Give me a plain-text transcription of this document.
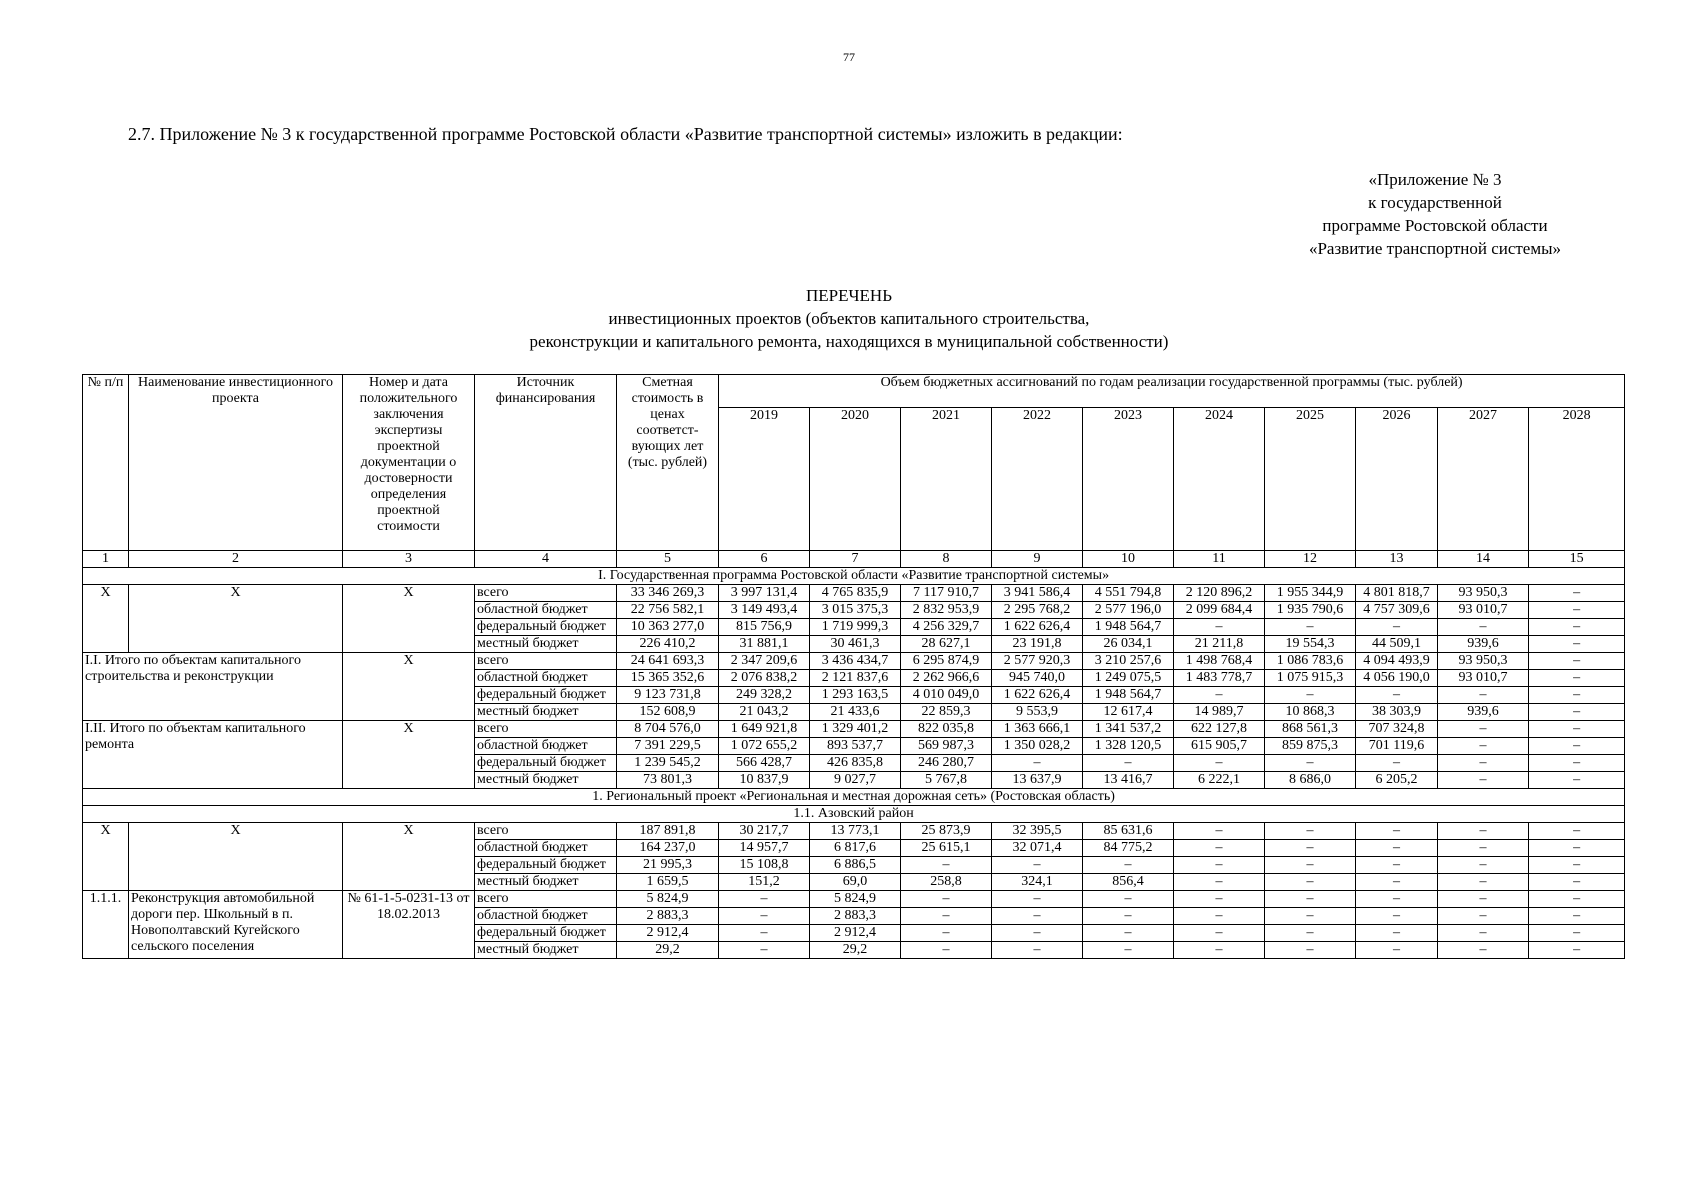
77
2.7. Приложение № 3 к государственной программе Ростовской области «Развитие транспортной системы» изложить в редакции:
«Приложение № 3
к государственной
программе Ростовской области
«Развитие транспортной системы»
ПЕРЕЧЕНЬ
инвестиционных проектов (объектов капитального строительства,
реконструкции и капитального ремонта, находящихся в муниципальной собственности)
№ п/п	Наименование инвестиционного проекта	Номер и дата положительного заключения экспертизы проектной документации о достоверности определения проектной стоимости	Источник финансирования	Сметная стоимость в ценах соответст-вующих лет (тыс. рублей)	Объем бюджетных ассигнований по годам реализации государственной программы (тыс. рублей)									
					2019	2020	2021	2022	2023	2024	2025	2026	2027	2028
1	2	3	4	5	6	7	8	9	10	11	12	13	14	15
I. Государственная программа Ростовской области «Развитие транспортной системы»														
Х	Х	Х	всего	33 346 269,3	3 997 131,4	4 765 835,9	7 117 910,7	3 941 586,4	4 551 794,8	2 120 896,2	1 955 344,9	4 801 818,7	93 950,3	–
			областной бюджет	22 756 582,1	3 149 493,4	3 015 375,3	2 832 953,9	2 295 768,2	2 577 196,0	2 099 684,4	1 935 790,6	4 757 309,6	93 010,7	–
			федеральный бюджет	10 363 277,0	815 756,9	1 719 999,3	4 256 329,7	1 622 626,4	1 948 564,7	–	–	–	–	–
			местный бюджет	226 410,2	31 881,1	30 461,3	28 627,1	23 191,8	26 034,1	21 211,8	19 554,3	44 509,1	939,6	–
I.I. Итого по объектам капитального строительства и реконструкции		Х	всего	24 641 693,3	2 347 209,6	3 436 434,7	6 295 874,9	2 577 920,3	3 210 257,6	1 498 768,4	1 086 783,6	4 094 493,9	93 950,3	–
			областной бюджет	15 365 352,6	2 076 838,2	2 121 837,6	2 262 966,6	945 740,0	1 249 075,5	1 483 778,7	1 075 915,3	4 056 190,0	93 010,7	–
			федеральный бюджет	9 123 731,8	249 328,2	1 293 163,5	4 010 049,0	1 622 626,4	1 948 564,7	–	–	–	–	–
			местный бюджет	152 608,9	21 043,2	21 433,6	22 859,3	9 553,9	12 617,4	14 989,7	10 868,3	38 303,9	939,6	–
I.II. Итого по объектам капитального ремонта		Х	всего	8 704 576,0	1 649 921,8	1 329 401,2	822 035,8	1 363 666,1	1 341 537,2	622 127,8	868 561,3	707 324,8	–	–
			областной бюджет	7 391 229,5	1 072 655,2	893 537,7	569 987,3	1 350 028,2	1 328 120,5	615 905,7	859 875,3	701 119,6	–	–
			федеральный бюджет	1 239 545,2	566 428,7	426 835,8	246 280,7	–	–	–	–	–	–	–
			местный бюджет	73 801,3	10 837,9	9 027,7	5 767,8	13 637,9	13 416,7	6 222,1	8 686,0	6 205,2	–	–
1. Региональный проект «Региональная и местная дорожная сеть» (Ростовская область)														
1.1. Азовский район														
Х	Х	Х	всего	187 891,8	30 217,7	13 773,1	25 873,9	32 395,5	85 631,6	–	–	–	–	–
			областной бюджет	164 237,0	14 957,7	6 817,6	25 615,1	32 071,4	84 775,2	–	–	–	–	–
			федеральный бюджет	21 995,3	15 108,8	6 886,5	–	–	–	–	–	–	–	–
			местный бюджет	1 659,5	151,2	69,0	258,8	324,1	856,4	–	–	–	–	–
1.1.1.	Реконструкция автомобильной дороги пер. Школьный в п. Новополтавский Кугейского сельского поселения	№ 61-1-5-0231-13 от 18.02.2013	всего	5 824,9	–	5 824,9	–	–	–	–	–	–	–	–
			областной бюджет	2 883,3	–	2 883,3	–	–	–	–	–	–	–	–
			федеральный бюджет	2 912,4	–	2 912,4	–	–	–	–	–	–	–	–
			местный бюджет	29,2	–	29,2	–	–	–	–	–	–	–	–
